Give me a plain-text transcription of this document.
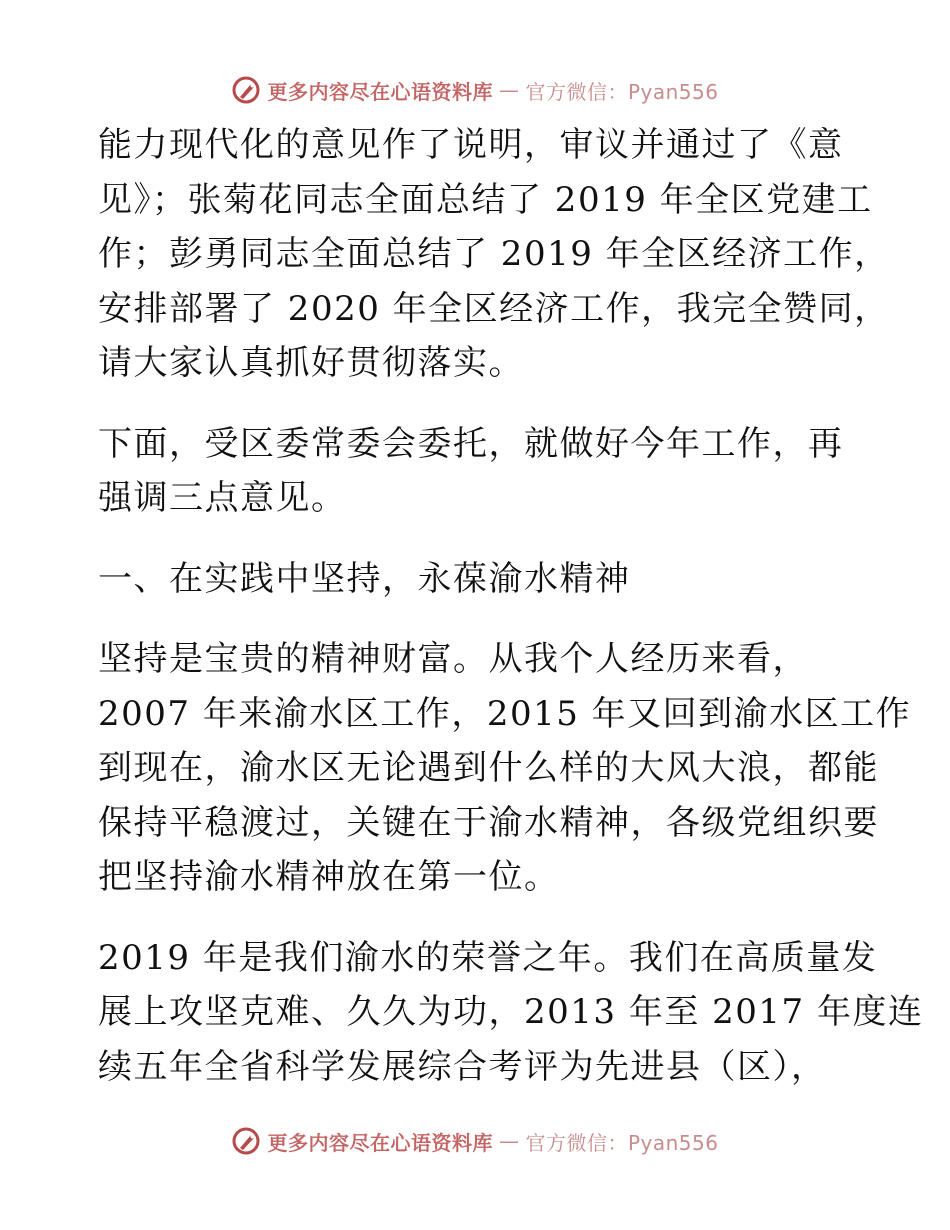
更多内容尽在心语资料库 — 官方微信：Pyan556

能力现代化的意见作了说明，审议并通过了《意
见》；张菊花同志全面总结了 2019 年全区党建工
作；彭勇同志全面总结了 2019 年全区经济工作，
安排部署了 2020 年全区经济工作，我完全赞同，
请大家认真抓好贯彻落实。

下面，受区委常委会委托，就做好今年工作，再
强调三点意见。

一、在实践中坚持，永葆渝水精神

坚持是宝贵的精神财富。从我个人经历来看，
2007 年来渝水区工作，2015 年又回到渝水区工作
到现在，渝水区无论遇到什么样的大风大浪，都能
保持平稳渡过，关键在于渝水精神，各级党组织要
把坚持渝水精神放在第一位。

2019 年是我们渝水的荣誉之年。我们在高质量发
展上攻坚克难、久久为功，2013 年至 2017 年度连
续五年全省科学发展综合考评为先进县（区），

更多内容尽在心语资料库 — 官方微信：Pyan556
